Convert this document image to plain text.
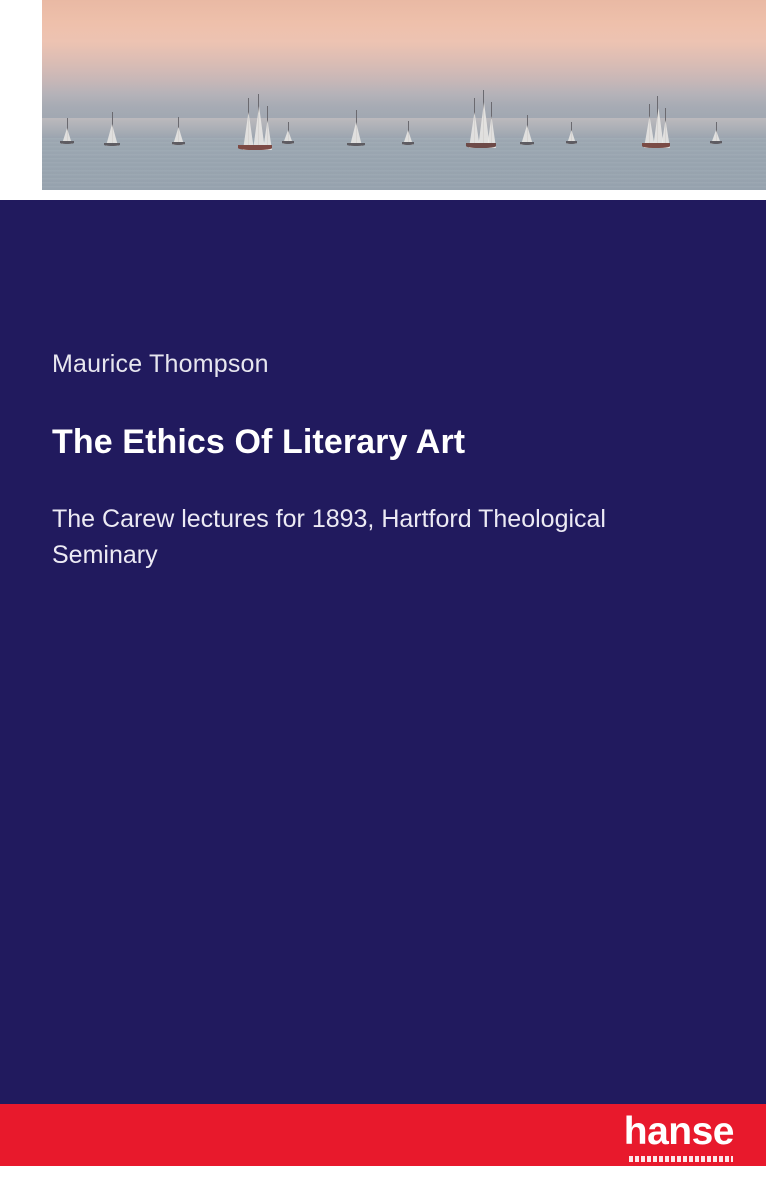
Maurice Thompson
The Ethics Of Literary Art
The Carew lectures for 1893, Hartford Theological Seminary
hanse
